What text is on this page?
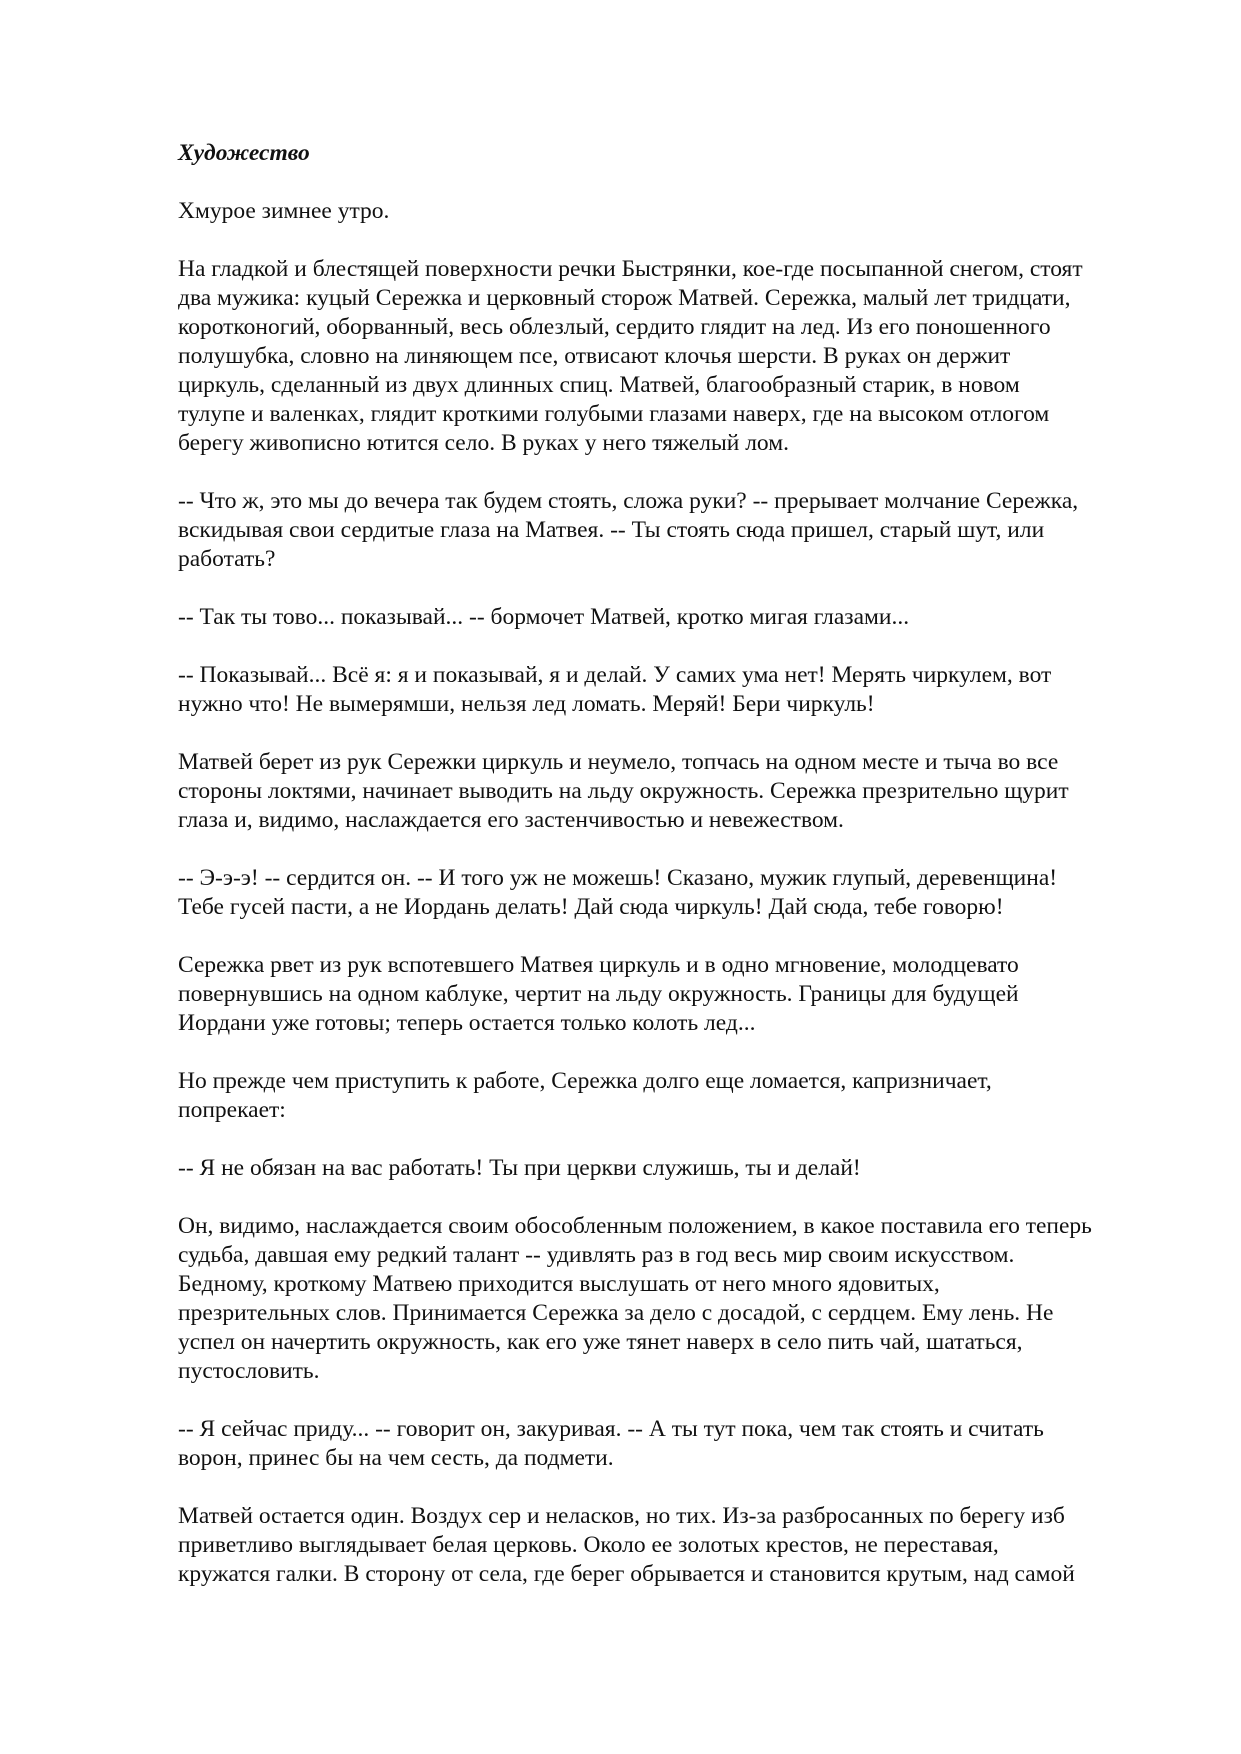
Художество
Хмурое зимнее утро.
На гладкой и блестящей поверхности речки Быстрянки, кое-где посыпанной снегом, стоят
два мужика: куцый Сережка и церковный сторож Матвей. Сережка, малый лет тридцати,
коротконогий, оборванный, весь облезлый, сердито глядит на лед. Из его поношенного
полушубка, словно на линяющем псе, отвисают клочья шерсти. В руках он держит
циркуль, сделанный из двух длинных спиц. Матвей, благообразный старик, в новом
тулупе и валенках, глядит кроткими голубыми глазами наверх, где на высоком отлогом
берегу живописно ютится село. В руках у него тяжелый лом.
-- Что ж, это мы до вечера так будем стоять, сложа руки? -- прерывает молчание Сережка,
вскидывая свои сердитые глаза на Матвея. -- Ты стоять сюда пришел, старый шут, или
работать?
-- Так ты тово... показывай... -- бормочет Матвей, кротко мигая глазами...
-- Показывай... Всё я: я и показывай, я и делай. У самих ума нет! Мерять чиркулем, вот
нужно что! Не вымерямши, нельзя лед ломать. Меряй! Бери чиркуль!
Матвей берет из рук Сережки циркуль и неумело, топчась на одном месте и тыча во все
стороны локтями, начинает выводить на льду окружность. Сережка презрительно щурит
глаза и, видимо, наслаждается его застенчивостью и невежеством.
-- Э-э-э! -- сердится он. -- И того уж не можешь! Сказано, мужик глупый, деревенщина!
Тебе гусей пасти, а не Иордань делать! Дай сюда чиркуль! Дай сюда, тебе говорю!
Сережка рвет из рук вспотевшего Матвея циркуль и в одно мгновение, молодцевато
повернувшись на одном каблуке, чертит на льду окружность. Границы для будущей
Иордани уже готовы; теперь остается только колоть лед...
Но прежде чем приступить к работе, Сережка долго еще ломается, капризничает,
попрекает:
-- Я не обязан на вас работать! Ты при церкви служишь, ты и делай!
Он, видимо, наслаждается своим обособленным положением, в какое поставила его теперь
судьба, давшая ему редкий талант -- удивлять раз в год весь мир своим искусством.
Бедному, кроткому Матвею приходится выслушать от него много ядовитых,
презрительных слов. Принимается Сережка за дело с досадой, с сердцем. Ему лень. Не
успел он начертить окружность, как его уже тянет наверх в село пить чай, шататься,
пустословить.
-- Я сейчас приду... -- говорит он, закуривая. -- А ты тут пока, чем так стоять и считать
ворон, принес бы на чем сесть, да подмети.
Матвей остается один. Воздух сер и неласков, но тих. Из-за разбросанных по берегу изб
приветливо выглядывает белая церковь. Около ее золотых крестов, не переставая,
кружатся галки. В сторону от села, где берег обрывается и становится крутым, над самой
